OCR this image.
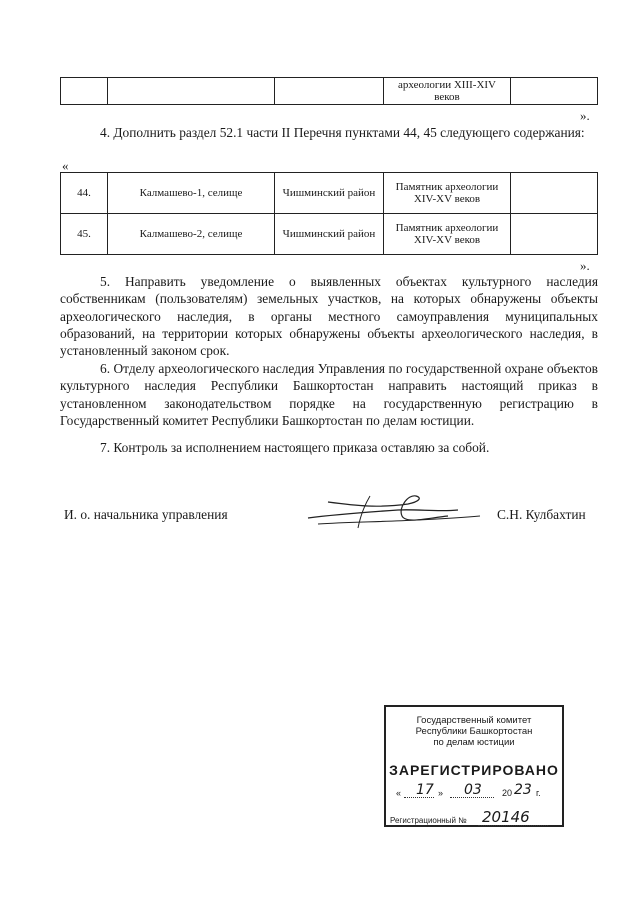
			археологии XIII-XIV веков	
».
4. Дополнить раздел 52.1 части II Перечня пунктами 44, 45 следующего содержания:
«
44.	Калмашево-1, селище	Чишминский район	Памятник археологии XIV-XV веков	
45.	Калмашево-2, селище	Чишминский район	Памятник археологии XIV-XV веков	
».
5. Направить уведомление о выявленных объектах культурного наследия собственникам (пользователям) земельных участков, на которых обнаружены объекты археологического наследия, в органы местного самоуправления муниципальных образований, на территории которых обнаружены объекты археологического наследия, в установленный законом срок.
6. Отделу археологического наследия Управления по государственной охране объектов культурного наследия Республики Башкортостан направить настоящий приказ в установленном законодательством порядке на государственную регистрацию в Государственный комитет Республики Башкортостан по делам юстиции.
7. Контроль за исполнением настоящего приказа оставляю за собой.
И. о. начальника управления	С.Н. Кулбахтин
Государственный комитет
Республики Башкортостан
по делам юстиции
ЗАРЕГИСТРИРОВАНО
« 17 » 03 20 23 г.
Регистрационный № 20146
